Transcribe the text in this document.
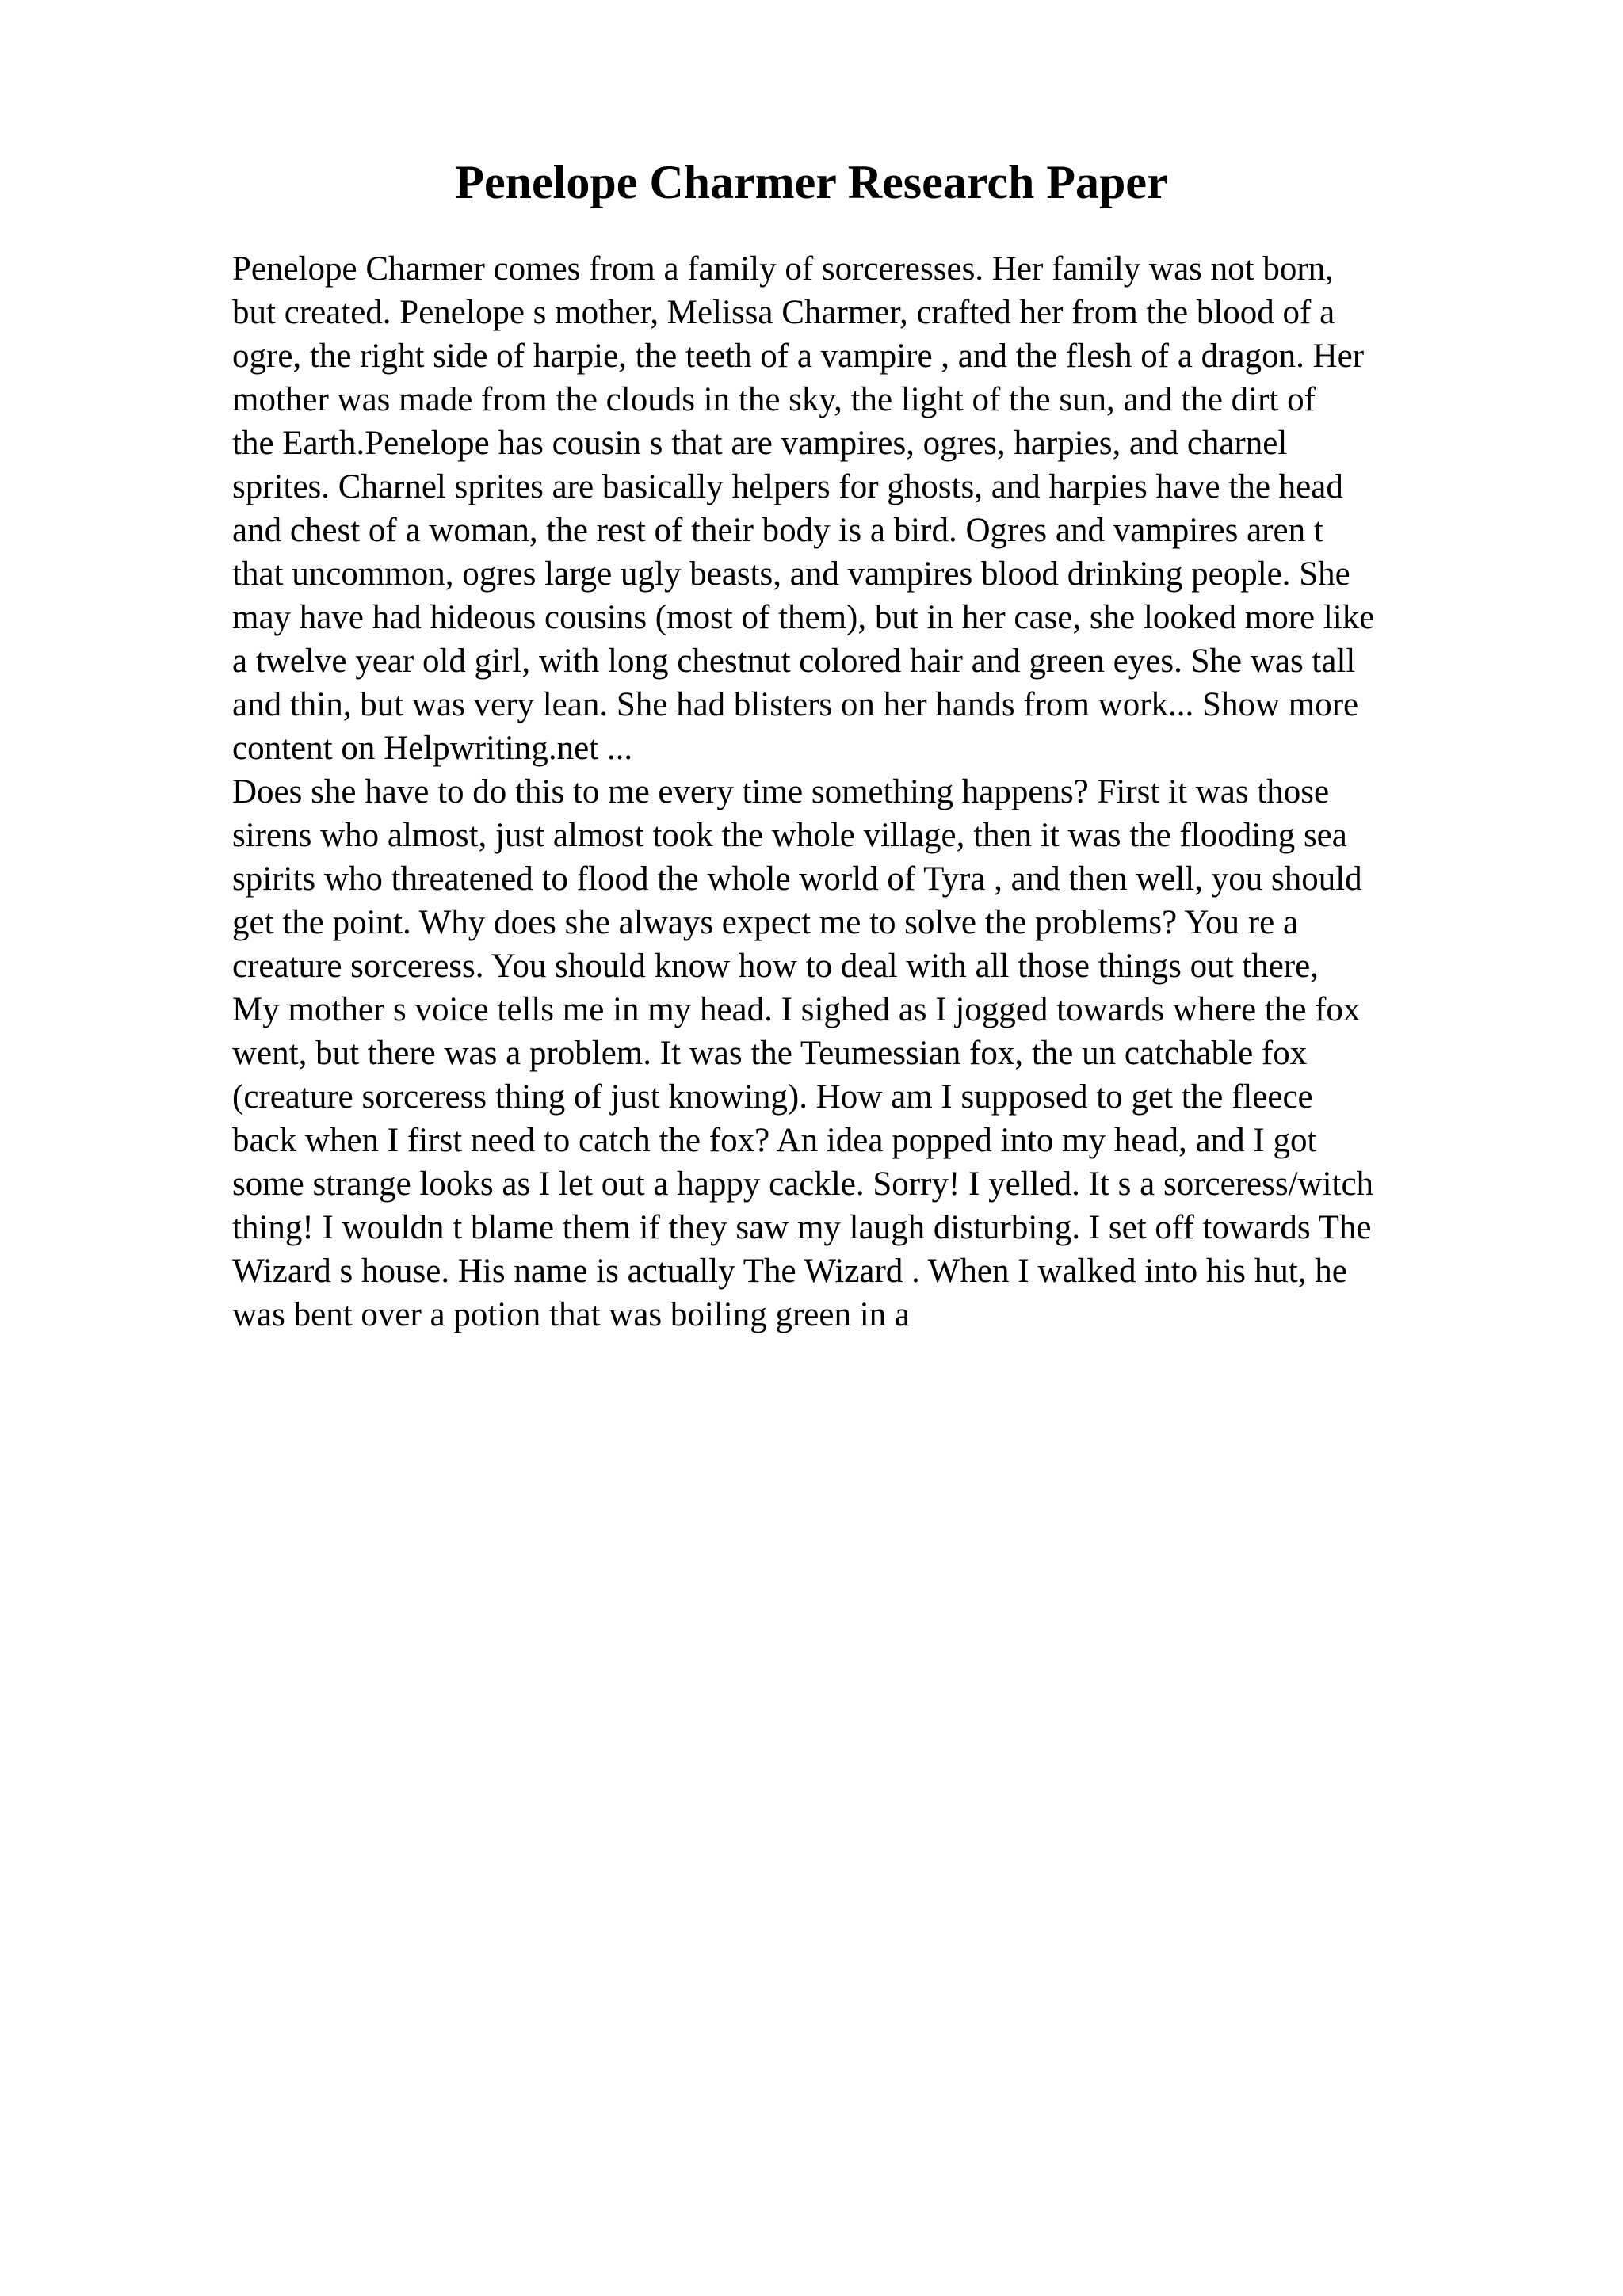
Penelope Charmer Research Paper

Penelope Charmer comes from a family of sorceresses. Her family was not born,
but created. Penelope s mother, Melissa Charmer, crafted her from the blood of a
ogre, the right side of harpie, the teeth of a vampire , and the flesh of a dragon. Her
mother was made from the clouds in the sky, the light of the sun, and the dirt of
the Earth.Penelope has cousin s that are vampires, ogres, harpies, and charnel
sprites. Charnel sprites are basically helpers for ghosts, and harpies have the head
and chest of a woman, the rest of their body is a bird. Ogres and vampires aren t
that uncommon, ogres large ugly beasts, and vampires blood drinking people. She
may have had hideous cousins (most of them), but in her case, she looked more like
a twelve year old girl, with long chestnut colored hair and green eyes. She was tall
and thin, but was very lean. She had blisters on her hands from work... Show more
content on Helpwriting.net ...

Does she have to do this to me every time something happens? First it was those
sirens who almost, just almost took the whole village, then it was the flooding sea
spirits who threatened to flood the whole world of Tyra , and then well, you should
get the point. Why does she always expect me to solve the problems? You re a
creature sorceress. You should know how to deal with all those things out there,
My mother s voice tells me in my head. I sighed as I jogged towards where the fox
went, but there was a problem. It was the Teumessian fox, the un catchable fox
(creature sorceress thing of just knowing). How am I supposed to get the fleece
back when I first need to catch the fox? An idea popped into my head, and I got
some strange looks as I let out a happy cackle. Sorry! I yelled. It s a sorceress/witch
thing! I wouldn t blame them if they saw my laugh disturbing. I set off towards The
Wizard s house. His name is actually The Wizard . When I walked into his hut, he
was bent over a potion that was boiling green in a
